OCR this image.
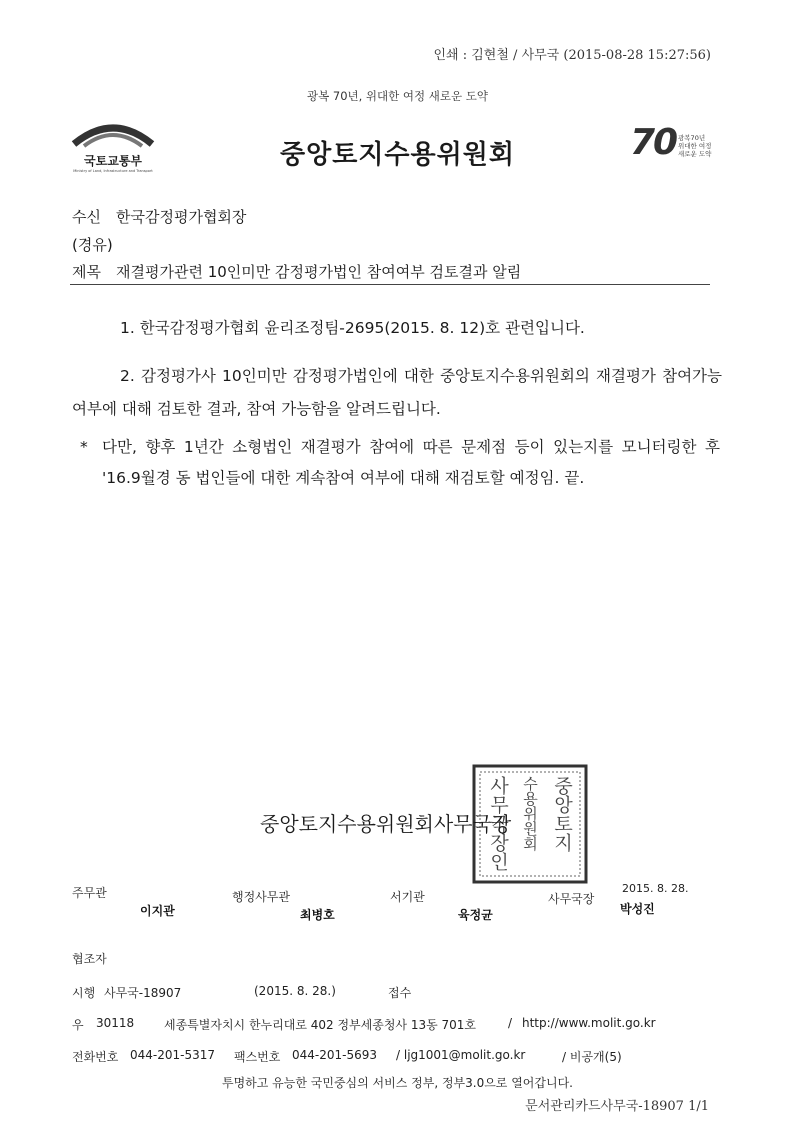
인쇄 : 김현철 / 사무국 (2015-08-28 15:27:56)
광복 70년, 위대한 여정 새로운 도약
국토교통부
Ministry of Land, Infrastructure and Transport
중앙토지수용위원회	70 광복70년
위대한 여정
새로운 도약
수신 한국감정평가협회장
(경유)
제목 재결평가관련 10인미만 감정평가법인 참여여부 검토결과 알림
1. 한국감정평가협회 윤리조정팀-2695(2015. 8. 12)호 관련입니다.
2. 감정평가사 10인미만 감정평가법인에 대한 중앙토지수용위원회의 재결평가 참여가능 여부에 대해 검토한 결과, 참여 가능함을 알려드립니다.
* 다만, 향후 1년간 소형법인 재결평가 참여에 따른 문제점 등이 있는지를 모니터링한 후 '16.9월경 동 법인들에 대한 계속참여 여부에 대해 재검토할 예정임. 끝.
중앙토지
수용위원회
사무국장인
중앙토지수용위원회사무국장
주무관
이지관
행정사무관
최병호
서기관
육정균
사무국장
2015. 8. 28.
박성진
협조자
시행 사무국-18907	(2015. 8. 28.)	접수
우 30118 세종특별자치시 한누리대로 402 정부세종청사 13동 701호	/ http://www.molit.go.kr
전화번호 044-201-5317 팩스번호 044-201-5693 / ljg1001@molit.go.kr	/ 비공개(5)
투명하고 유능한 국민중심의 서비스 정부, 정부3.0으로 열어갑니다.
문서관리카드사무국-18907 1/1
